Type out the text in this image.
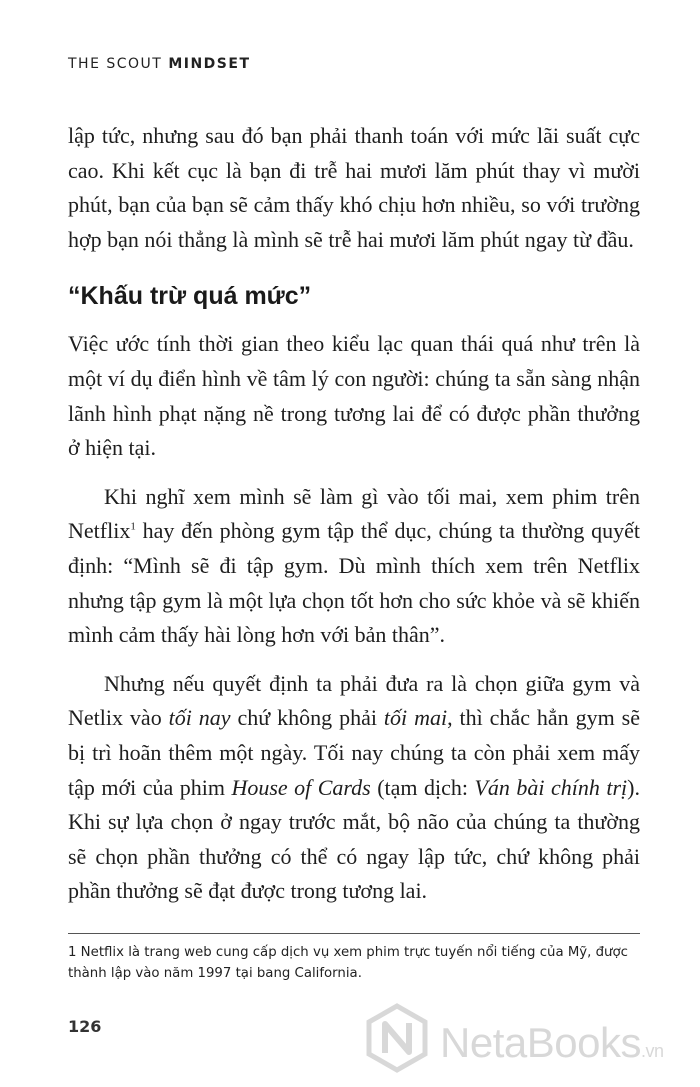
THE SCOUT MINDSET

lập tức, nhưng sau đó bạn phải thanh toán với mức lãi suất cực cao. Khi kết cục là bạn đi trễ hai mươi lăm phút thay vì mười phút, bạn của bạn sẽ cảm thấy khó chịu hơn nhiều, so với trường hợp bạn nói thẳng là mình sẽ trễ hai mươi lăm phút ngay từ đầu.

“Khấu trừ quá mức”

Việc ước tính thời gian theo kiểu lạc quan thái quá như trên là một ví dụ điển hình về tâm lý con người: chúng ta sẵn sàng nhận lãnh hình phạt nặng nề trong tương lai để có được phần thưởng ở hiện tại.

Khi nghĩ xem mình sẽ làm gì vào tối mai, xem phim trên Netflix$^1$ hay đến phòng gym tập thể dục, chúng ta thường quyết định: “Mình sẽ đi tập gym. Dù mình thích xem trên Netflix nhưng tập gym là một lựa chọn tốt hơn cho sức khỏe và sẽ khiến mình cảm thấy hài lòng hơn với bản thân”.

Nhưng nếu quyết định ta phải đưa ra là chọn giữa gym và Netlix vào tối nay chứ không phải tối mai, thì chắc hẳn gym sẽ bị trì hoãn thêm một ngày. Tối nay chúng ta còn phải xem mấy tập mới của phim House of Cards (tạm dịch: Ván bài chính trị). Khi sự lựa chọn ở ngay trước mắt, bộ não của chúng ta thường sẽ chọn phần thưởng có thể có ngay lập tức, chứ không phải phần thưởng sẽ đạt được trong tương lai.

1 Netflix là trang web cung cấp dịch vụ xem phim trực tuyến nổi tiếng của Mỹ, được thành lập vào năm 1997 tại bang California.
126	NetaBooks.vn
